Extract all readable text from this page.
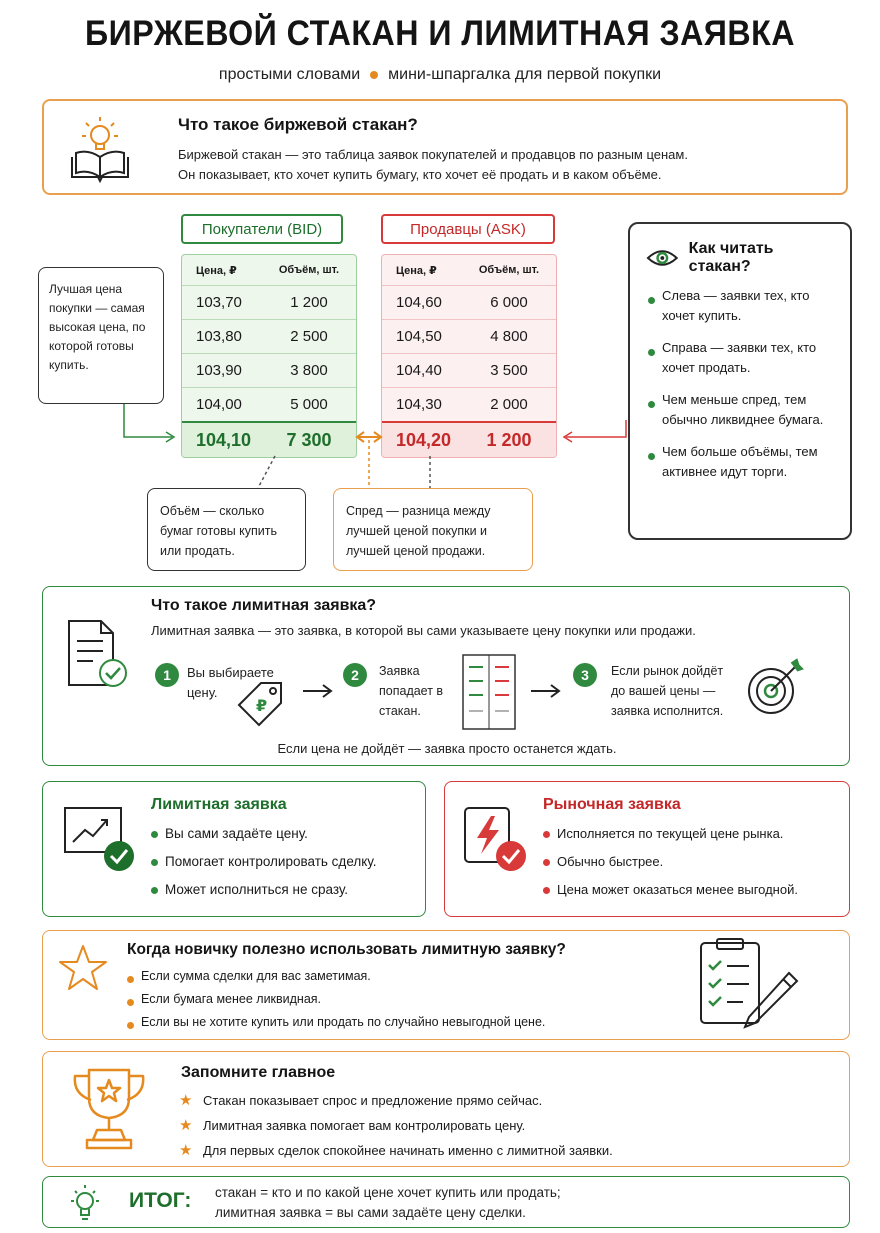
БИРЖЕВОЙ СТАКАН И ЛИМИТНАЯ ЗАЯВКА
простыми словами мини-шпаргалка для первой покупки
Что такое биржевой стакан?
Биржевой стакан — это таблица заявок покупателей и продавцов по разным ценам.
Он показывает, кто хочет купить бумагу, кто хочет её продать и в каком объёме.
Покупатели (BID)	Продавцы (ASK)
Цена, ₽	Объём, шт.
103,70	1 200
103,80	2 500
103,90	3 800
104,00	5 000
104,10	7 300
Цена, ₽	Объём, шт.
104,60	6 000
104,50	4 800
104,40	3 500
104,30	2 000
104,20	1 200
Лучшая цена покупки — самая высокая цена, по которой готовы купить.
Объём — сколько бумаг готовы купить или продать.
Спред — разница между лучшей ценой покупки и лучшей ценой продажи.
Как читать стакан?
Слева — заявки тех, кто хочет купить.
Справа — заявки тех, кто хочет продать.
Чем меньше спред, тем обычно ликвиднее бумага.
Чем больше объёмы, тем активнее идут торги.
Что такое лимитная заявка?
Лимитная заявка — это заявка, в которой вы сами указываете цену покупки или продажи.
1	Вы выбираете цену.
₽
2	Заявка попадает в стакан.
3	Если рынок дойдёт до вашей цены — заявка исполнится.
Если цена не дойдёт — заявка просто останется ждать.
Лимитная заявка
Вы сами задаёте цену.
Помогает контролировать сделку.
Может исполниться не сразу.
Рыночная заявка
Исполняется по текущей цене рынка.
Обычно быстрее.
Цена может оказаться менее выгодной.
Когда новичку полезно использовать лимитную заявку?
Если сумма сделки для вас заметимая.
Если бумага менее ликвидная.
Если вы не хотите купить или продать по случайно невыгодной цене.
Запомните главное
★ Стакан показывает спрос и предложение прямо сейчас.
★ Лимитная заявка помогает вам контролировать цену.
★ Для первых сделок спокойнее начинать именно с лимитной заявки.
ИТОГ: стакан = кто и по какой цене хочет купить или продать;
лимитная заявка = вы сами задаёте цену сделки.
